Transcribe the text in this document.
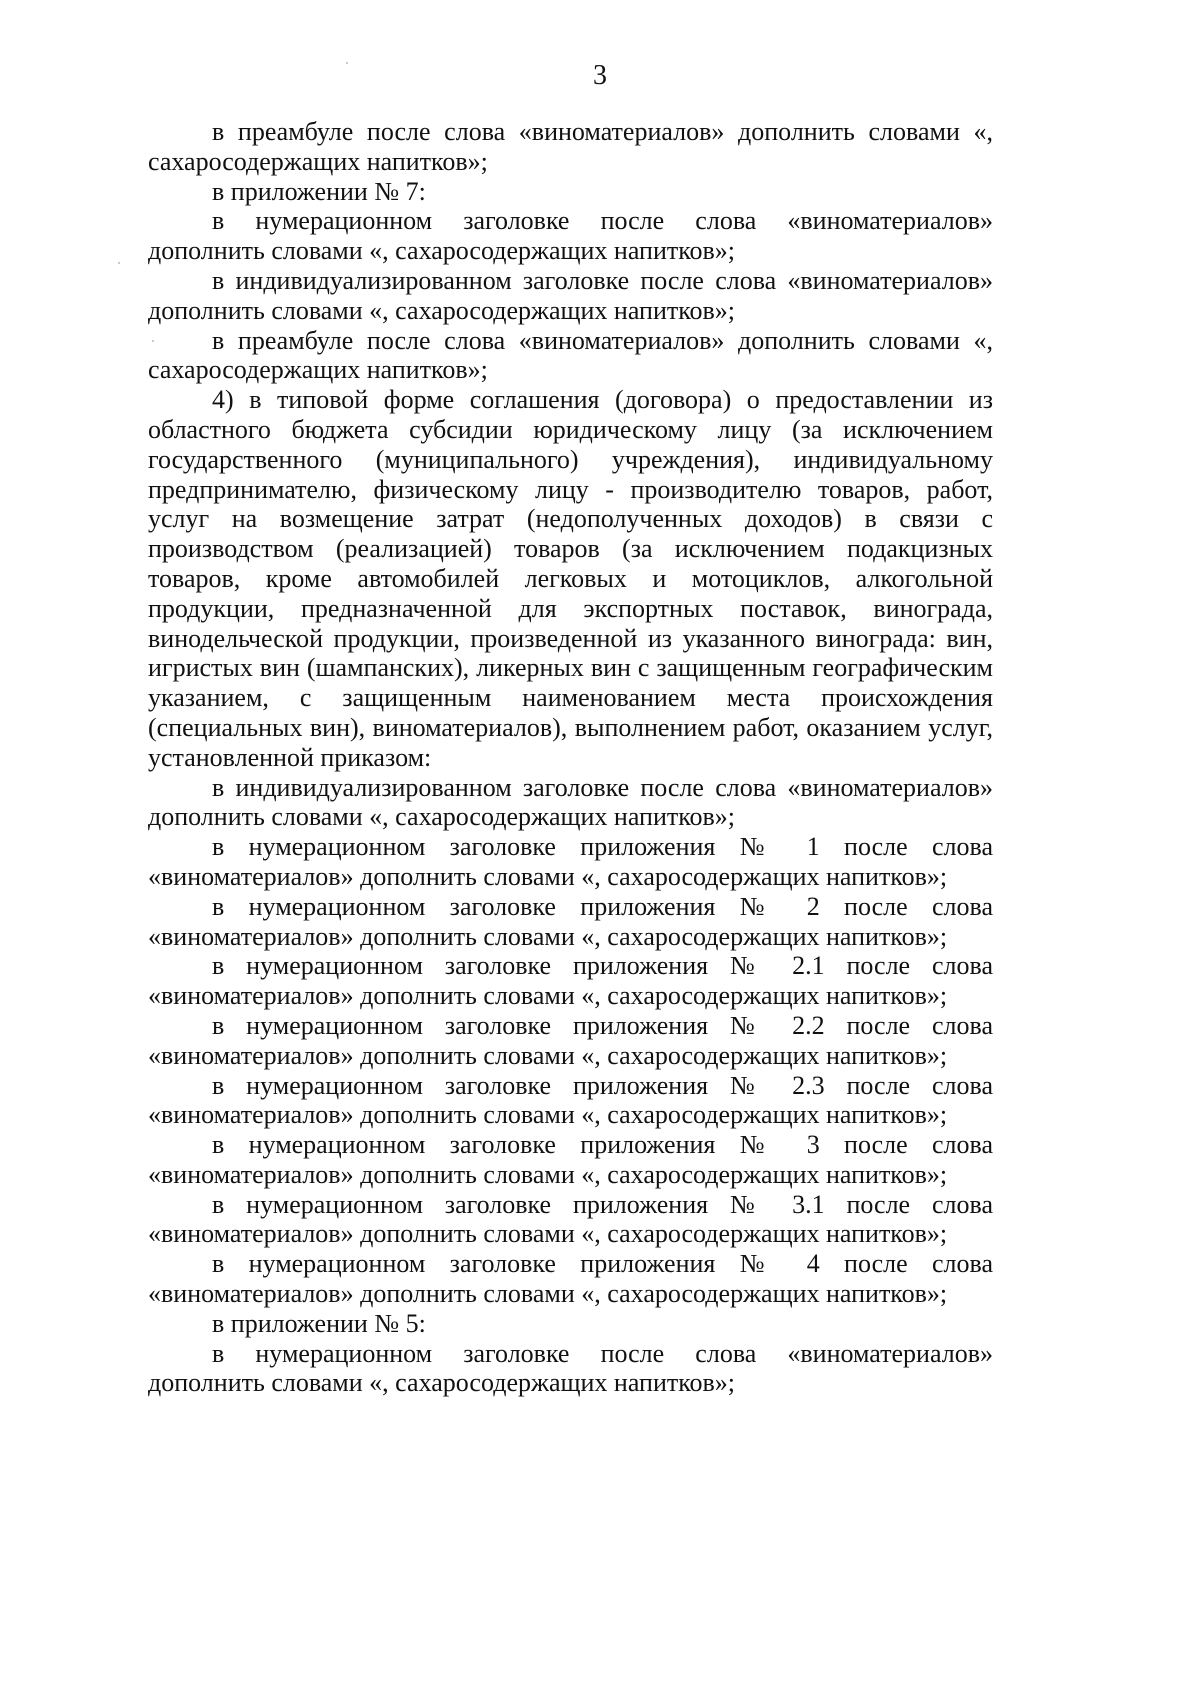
3

в преамбуле после слова «виноматериалов» дополнить словами «, сахаросодержащих напитков»;

в приложении № 7:

в нумерационном заголовке после слова «виноматериалов» дополнить словами «, сахаросодержащих напитков»;

в индивидуализированном заголовке после слова «виноматериалов» дополнить словами «, сахаросодержащих напитков»;

в преамбуле после слова «виноматериалов» дополнить словами «, сахаросодержащих напитков»;

4) в типовой форме соглашения (договора) о предоставлении из областного бюджета субсидии юридическому лицу (за исключением государственного (муниципального) учреждения), индивидуальному предпринимателю, физическому лицу - производителю товаров, работ, услуг на возмещение затрат (недополученных доходов) в связи с производством (реализацией) товаров (за исключением подакцизных товаров, кроме автомобилей легковых и мотоциклов, алкогольной продукции, предназначенной для экспортных поставок, винограда, винодельческой продукции, произведенной из указанного винограда: вин, игристых вин (шампанских), ликерных вин с защищенным географическим указанием, с защищенным наименованием места происхождения (специальных вин), виноматериалов), выполнением работ, оказанием услуг, установленной приказом:

в индивидуализированном заголовке после слова «виноматериалов» дополнить словами «, сахаросодержащих напитков»;

в нумерационном заголовке приложения № 1 после слова «виноматериалов» дополнить словами «, сахаросодержащих напитков»;

в нумерационном заголовке приложения № 2 после слова «виноматериалов» дополнить словами «, сахаросодержащих напитков»;

в нумерационном заголовке приложения № 2.1 после слова «виноматериалов» дополнить словами «, сахаросодержащих напитков»;

в нумерационном заголовке приложения № 2.2 после слова «виноматериалов» дополнить словами «, сахаросодержащих напитков»;

в нумерационном заголовке приложения № 2.3 после слова «виноматериалов» дополнить словами «, сахаросодержащих напитков»;

в нумерационном заголовке приложения № 3 после слова «виноматериалов» дополнить словами «, сахаросодержащих напитков»;

в нумерационном заголовке приложения № 3.1 после слова «виноматериалов» дополнить словами «, сахаросодержащих напитков»;

в нумерационном заголовке приложения № 4 после слова «виноматериалов» дополнить словами «, сахаросодержащих напитков»;

в приложении № 5:

в нумерационном заголовке после слова «виноматериалов» дополнить словами «, сахаросодержащих напитков»;
